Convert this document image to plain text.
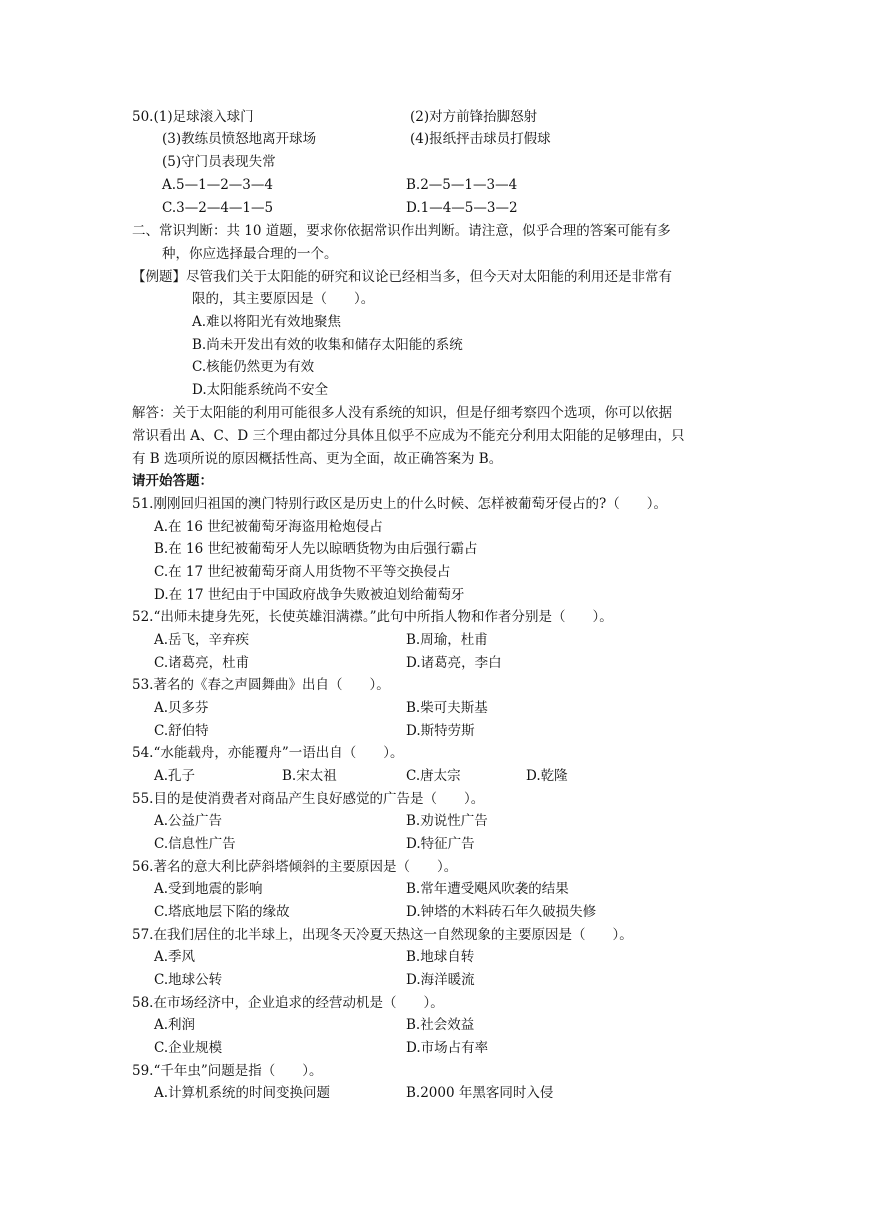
50.(1)足球滚入球门	(2)对方前锋抬脚怒射
(3)教练员愤怒地离开球场	(4)报纸抨击球员打假球
(5)守门员表现失常
A.5—1—2—3—4	B.2—5—1—3—4
C.3—2—4—1—5	D.1—4—5—3—2
二、常识判断：共 10 道题，要求你依据常识作出判断。请注意，似乎合理的答案可能有多
种，你应选择最合理的一个。
【例题】尽管我们关于太阳能的研究和议论已经相当多，但今天对太阳能的利用还是非常有
限的，其主要原因是（　　）。
A.难以将阳光有效地聚焦
B.尚未开发出有效的收集和储存太阳能的系统
C.核能仍然更为有效
D.太阳能系统尚不安全
解答：关于太阳能的利用可能很多人没有系统的知识，但是仔细考察四个选项，你可以依据
常识看出 A、C、D 三个理由都过分具体且似乎不应成为不能充分利用太阳能的足够理由，只
有 B 选项所说的原因概括性高、更为全面，故正确答案为 B。
请开始答题：
51.刚刚回归祖国的澳门特别行政区是历史上的什么时候、怎样被葡萄牙侵占的?（　　）。
A.在 16 世纪被葡萄牙海盗用枪炮侵占
B.在 16 世纪被葡萄牙人先以晾晒货物为由后强行霸占
C.在 17 世纪被葡萄牙商人用货物不平等交换侵占
D.在 17 世纪由于中国政府战争失败被迫划给葡萄牙
52.“出师未捷身先死，长使英雄泪满襟。”此句中所指人物和作者分别是（　　）。
A.岳飞，辛弃疾	B.周瑜，杜甫
C.诸葛亮，杜甫	D.诸葛亮，李白
53.著名的《春之声圆舞曲》出自（　　）。
A.贝多芬	B.柴可夫斯基
C.舒伯特	D.斯特劳斯
54.“水能载舟，亦能覆舟”一语出自（　　）。
A.孔子	B.宋太祖	C.唐太宗	D.乾隆
55.目的是使消费者对商品产生良好感觉的广告是（　　）。
A.公益广告	B.劝说性广告
C.信息性广告	D.特征广告
56.著名的意大利比萨斜塔倾斜的主要原因是（　　）。
A.受到地震的影响	B.常年遭受飓风吹袭的结果
C.塔底地层下陷的缘故	D.钟塔的木料砖石年久破损失修
57.在我们居住的北半球上，出现冬天冷夏天热这一自然现象的主要原因是（　　）。
A.季风	B.地球自转
C.地球公转	D.海洋暖流
58.在市场经济中，企业追求的经营动机是（　　）。
A.利润	B.社会效益
C.企业规模	D.市场占有率
59.“千年虫”问题是指（　　）。
A.计算机系统的时间变换问题	B.2000 年黑客同时入侵
